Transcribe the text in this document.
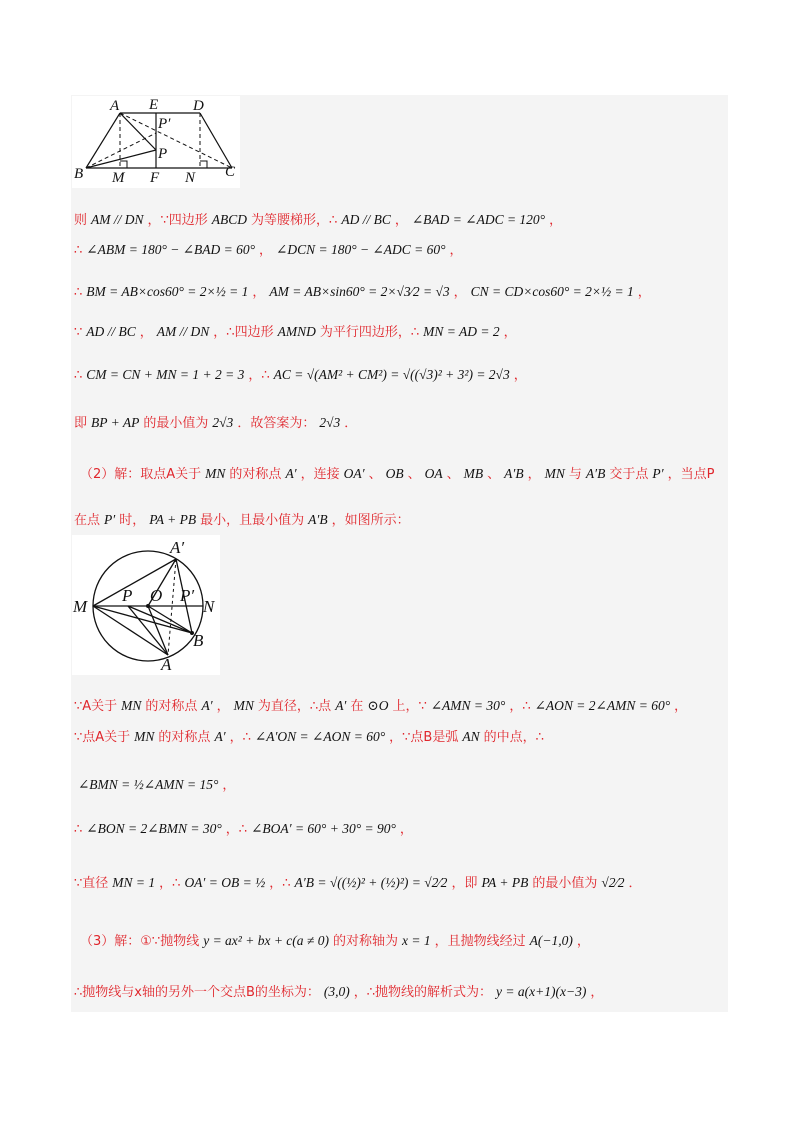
A E D
P′
P
B M F N C
A′
M
P O P′
N
B
A
则 AM // DN ，∵四边形 ABCD 为等腰梯形，∴ AD // BC ， ∠BAD = ∠ADC = 120° ，
∴ ∠ABM = 180° − ∠BAD = 60° ， ∠DCN = 180° − ∠ADC = 60° ，
∴ BM = AB×cos60° = 2×½ = 1 ， AM = AB×sin60° = 2×√3⁄2 = √3 ， CN = CD×cos60° = 2×½ = 1 ，
∵ AD // BC ， AM // DN ，∴四边形 AMND 为平行四边形，∴ MN = AD = 2 ，
∴ CM = CN + MN = 1 + 2 = 3 ，∴ AC = √(AM² + CM²) = √((√3)² + 3²) = 2√3 ，
即 BP + AP 的最小值为 2√3 ．故答案为： 2√3 ．
（2）解：取点A关于 MN 的对称点 A′ ，连接 OA′ 、 OB 、 OA 、 MB 、 A′B ， MN 与 A′B 交于点 P′ ，当点P
在点 P′ 时， PA + PB 最小，且最小值为 A′B ，如图所示：
∵A关于 MN 的对称点 A′ ， MN 为直径，∴点 A′ 在 ⊙O 上，∵ ∠AMN = 30° ，∴ ∠AON = 2∠AMN = 60° ，
∵点A关于 MN 的对称点 A′ ，∴ ∠A′ON = ∠AON = 60° ，∵点B是弧 AN 的中点，∴
∠BMN = ½∠AMN = 15° ，
∴ ∠BON = 2∠BMN = 30° ，∴ ∠BOA′ = 60° + 30° = 90° ，
∵直径 MN = 1 ，∴ OA′ = OB = ½ ，∴ A′B = √((½)² + (½)²) = √2⁄2 ，即 PA + PB 的最小值为 √2⁄2 ．
（3）解：①∵抛物线 y = ax² + bx + c(a ≠ 0) 的对称轴为 x = 1 ，且抛物线经过 A(−1,0) ，
∴抛物线与x轴的另外一个交点B的坐标为： (3,0) ，∴抛物线的解析式为： y = a(x+1)(x−3) ，
